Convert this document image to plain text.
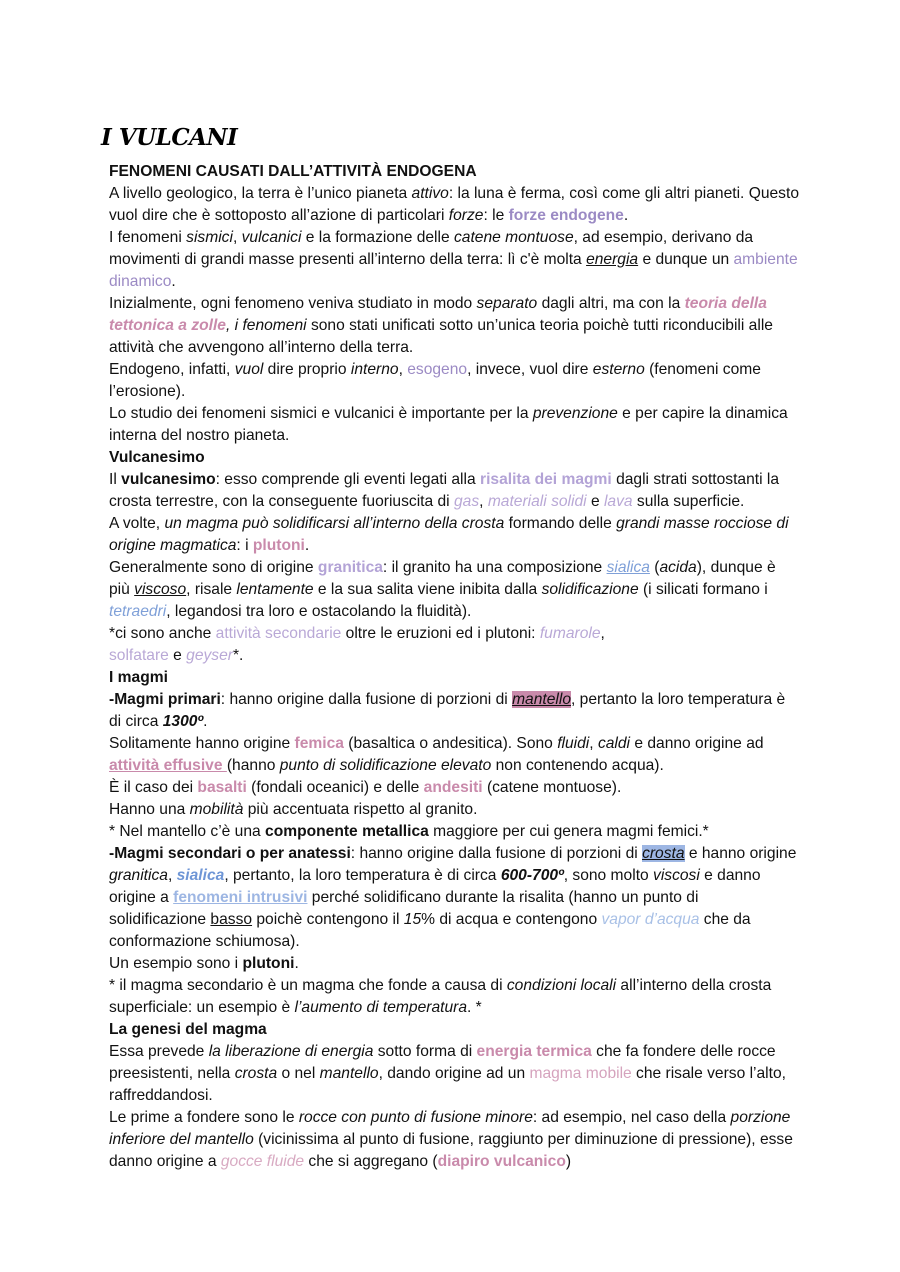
I VULCANI

FENOMENI CAUSATI DALL’ATTIVITÀ ENDOGENA

A livello geologico, la terra è l’unico pianeta attivo: la luna è ferma, così come gli altri pianeti. Questo vuol dire che è sottoposto all’azione di particolari forze: le forze endogene.

I fenomeni sismici, vulcanici e la formazione delle catene montuose, ad esempio, derivano da movimenti di grandi masse presenti all’interno della terra: lì c'è molta energia e dunque un ambiente dinamico.

Inizialmente, ogni fenomeno veniva studiato in modo separato dagli altri, ma con la teoria della tettonica a zolle, i fenomeni sono stati unificati sotto un’unica teoria poichè tutti riconducibili alle attività che avvengono all’interno della terra.

Endogeno, infatti, vuol dire proprio interno, esogeno, invece, vuol dire esterno (fenomeni come l’erosione).

Lo studio dei fenomeni sismici e vulcanici è importante per la prevenzione e per capire la dinamica interna del nostro pianeta.

Vulcanesimo

Il vulcanesimo: esso comprende gli eventi legati alla risalita dei magmi dagli strati sottostanti la crosta terrestre, con la conseguente fuoriuscita di gas, materiali solidi e lava sulla superficie.

A volte, un magma può solidificarsi all’interno della crosta formando delle grandi masse rocciose di origine magmatica: i plutoni.

Generalmente sono di origine granitica: il granito ha una composizione sialica (acida), dunque è più viscoso, risale lentamente e la sua salita viene inibita dalla solidificazione (i silicati formano i tetraedri, legandosi tra loro e ostacolando la fluidità).

*ci sono anche attività secondarie oltre le eruzioni ed i plutoni: fumarole,
solfatare e geyser*.

I magmi

-Magmi primari: hanno origine dalla fusione di porzioni di mantello, pertanto la loro temperatura è di circa 1300º.

Solitamente hanno origine femica (basaltica o andesitica). Sono fluidi, caldi e danno origine ad attività effusive (hanno punto di solidificazione elevato non contenendo acqua).

È il caso dei basalti (fondali oceanici) e delle andesiti (catene montuose).

Hanno una mobilità più accentuata rispetto al granito.

* Nel mantello c’è una componente metallica maggiore per cui genera magmi femici.*

-Magmi secondari o per anatessi: hanno origine dalla fusione di porzioni di crosta e hanno origine granitica, sialica, pertanto, la loro temperatura è di circa 600-700º, sono molto viscosi e danno origine a fenomeni intrusivi perché solidificano durante la risalita (hanno un punto di solidificazione basso poichè contengono il 15% di acqua e contengono vapor d’acqua che da conformazione schiumosa).

Un esempio sono i plutoni.

* il magma secondario è un magma che fonde a causa di condizioni locali all’interno della crosta superficiale: un esempio è l’aumento di temperatura. *

La genesi del magma

Essa prevede la liberazione di energia sotto forma di energia termica che fa fondere delle rocce preesistenti, nella crosta o nel mantello, dando origine ad un magma mobile che risale verso l’alto, raffreddandosi.

Le prime a fondere sono le rocce con punto di fusione minore: ad esempio, nel caso della porzione inferiore del mantello (vicinissima al punto di fusione, raggiunto per diminuzione di pressione), esse danno origine a gocce fluide che si aggregano (diapiro vulcanico)
